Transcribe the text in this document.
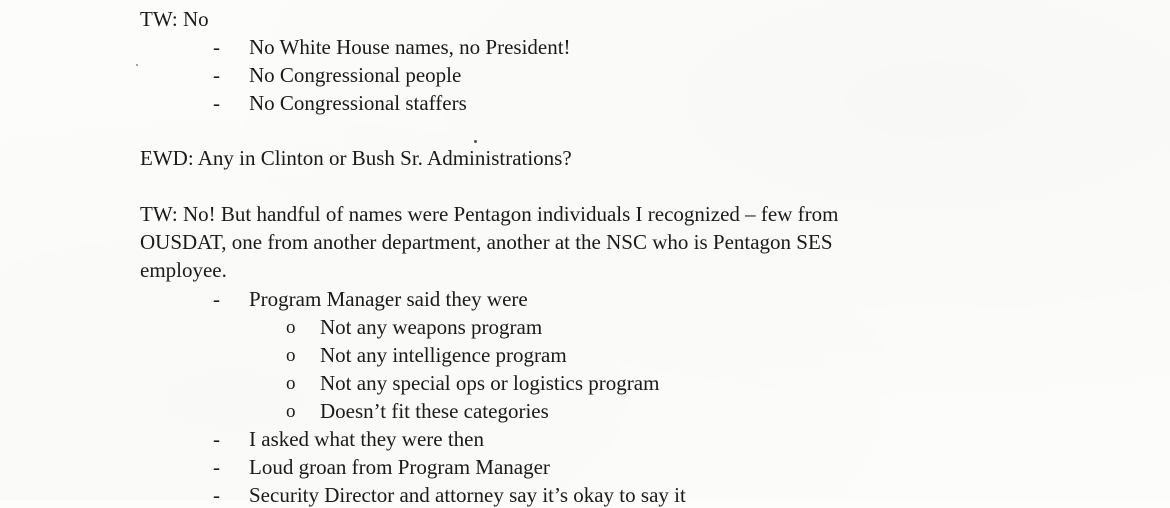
TW: No
- No White House names, no President!
- No Congressional people
- No Congressional staffers
EWD: Any in Clinton or Bush Sr. Administrations?
TW: No! But handful of names were Pentagon individuals I recognized – few from
OUSDAT, one from another department, another at the NSC who is Pentagon SES
employee.
- Program Manager said they were
o Not any weapons program
o Not any intelligence program
o Not any special ops or logistics program
o Doesn’t fit these categories
- I asked what they were then
- Loud groan from Program Manager
- Security Director and attorney say it’s okay to say it
